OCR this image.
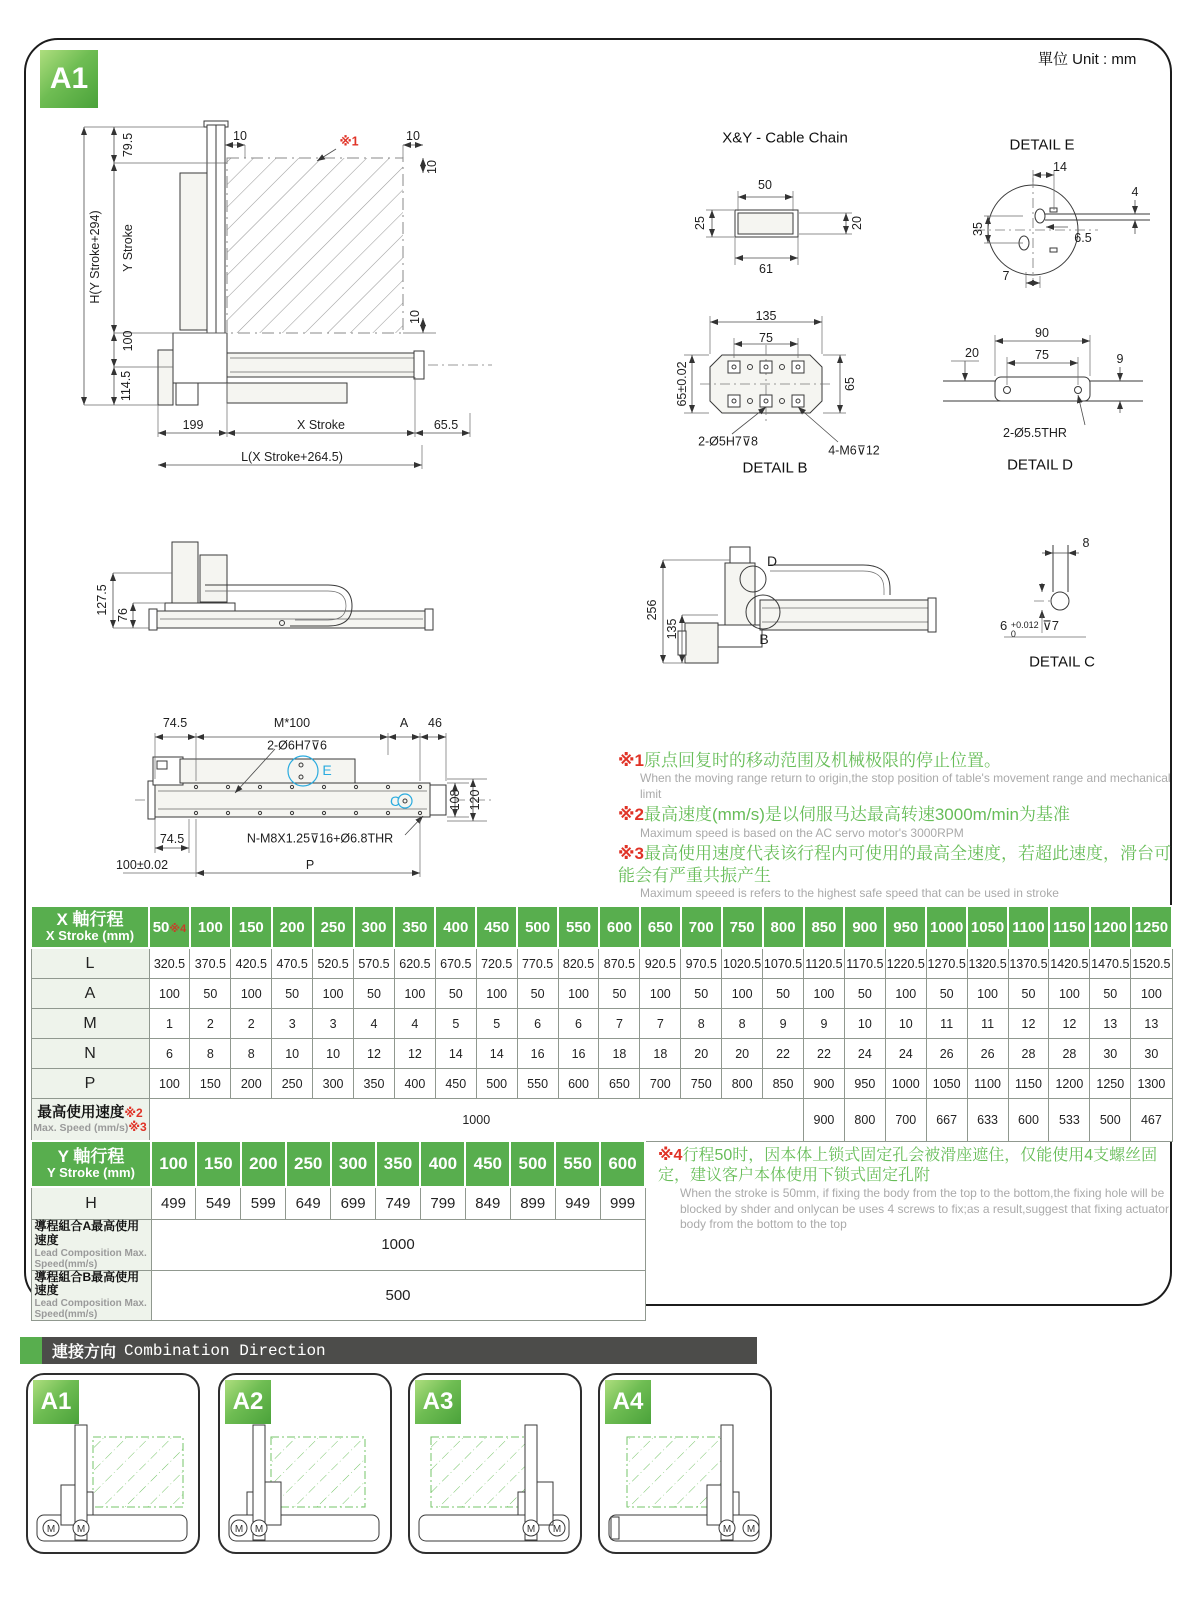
A1
單位 Unit : mm
H(Y Stroke+294)
79.5
Y Stroke
100
114.5
199	X Stroke	65.5
L(X Stroke+264.5)
10	10
10
10
※1	X&Y - Cable Chain
50
61
25	20
DETAIL E
14
4
35
6.5
7
135
75
65±0.02	65
2-Ø5H7⊽8
4-M6⊽12
DETAIL B
90
20	75	9
2-Ø5.5THR
DETAIL D
127.5 76	256
135
D
B
8
6 +0.012
0
⊽7
DETAIL C
74.5	M*100	A 46
2-Ø6H7⊽6
E
C	108 120
74.5
100±0.02	P
N-M8X1.25⊽16+Ø6.8THR
※1原点回复时的移动范围及机械极限的停止位置。
When the moving range return to origin,the stop position of table's movement range and mechanical limit
※2最高速度(mm/s)是以伺服马达最高转速3000m/min为基准
Maximum speed is based on the AC servo motor's 3000RPM
※3最高使用速度代表该行程内可使用的最高全速度，若超此速度，滑台可能会有严重共振产生
Maximum speeed is refers to the highest safe speed that can be used in stroke
X 軸行程
X Stroke (mm)	50※4	100	150	200	250	300	350	400	450	500	550	600	650	700	750	800	850	900	950	1000	1050	1100	1150	1200	1250
L	320.5	370.5	420.5	470.5	520.5	570.5	620.5	670.5	720.5	770.5	820.5	870.5	920.5	970.5	1020.5	1070.5	1120.5	1170.5	1220.5	1270.5	1320.5	1370.5	1420.5	1470.5	1520.5
A	100	50	100	50	100	50	100	50	100	50	100	50	100	50	100	50	100	50	100	50	100	50	100	50	100
M	1	2	2	3	3	4	4	5	5	6	6	7	7	8	8	9	9	10	10	11	11	12	12	13	13
N	6	8	8	10	10	12	12	14	14	16	16	18	18	20	20	22	22	24	24	26	26	28	28	30	30
P	100	150	200	250	300	350	400	450	500	550	600	650	700	750	800	850	900	950	1000	1050	1100	1150	1200	1250	1300

最高使用速度※2
Max. Speed (mm/s)※3	1000																900	800	700	667	633	600	533	500	467
Y 軸行程
Y Stroke (mm)	100	150	200	250	300	350	400	450	500	550	600
H	499	549	599	649	699	749	799	849	899	949	999

導程組合A最高使用速度
Lead Composition Max.
Speed(mm/s)	1000										

導程組合B最高使用速度
Lead Composition Max.
Speed(mm/s)	500										
※4行程50时，因本体上锁式固定孔会被滑座遮住，仅能使用4支螺丝固定，建议客户本体使用下锁式固定孔附
When the stroke is 50mm, if fixing the body from the top to the bottom,the fixing hole will be blocked by shder and onlycan be uses 4 screws to fix;as a result,suggest that fixing actuator body from the bottom to the top
連接方向 Combination Direction
A1
M M
A2
M M
A3
M M
A4
M M
